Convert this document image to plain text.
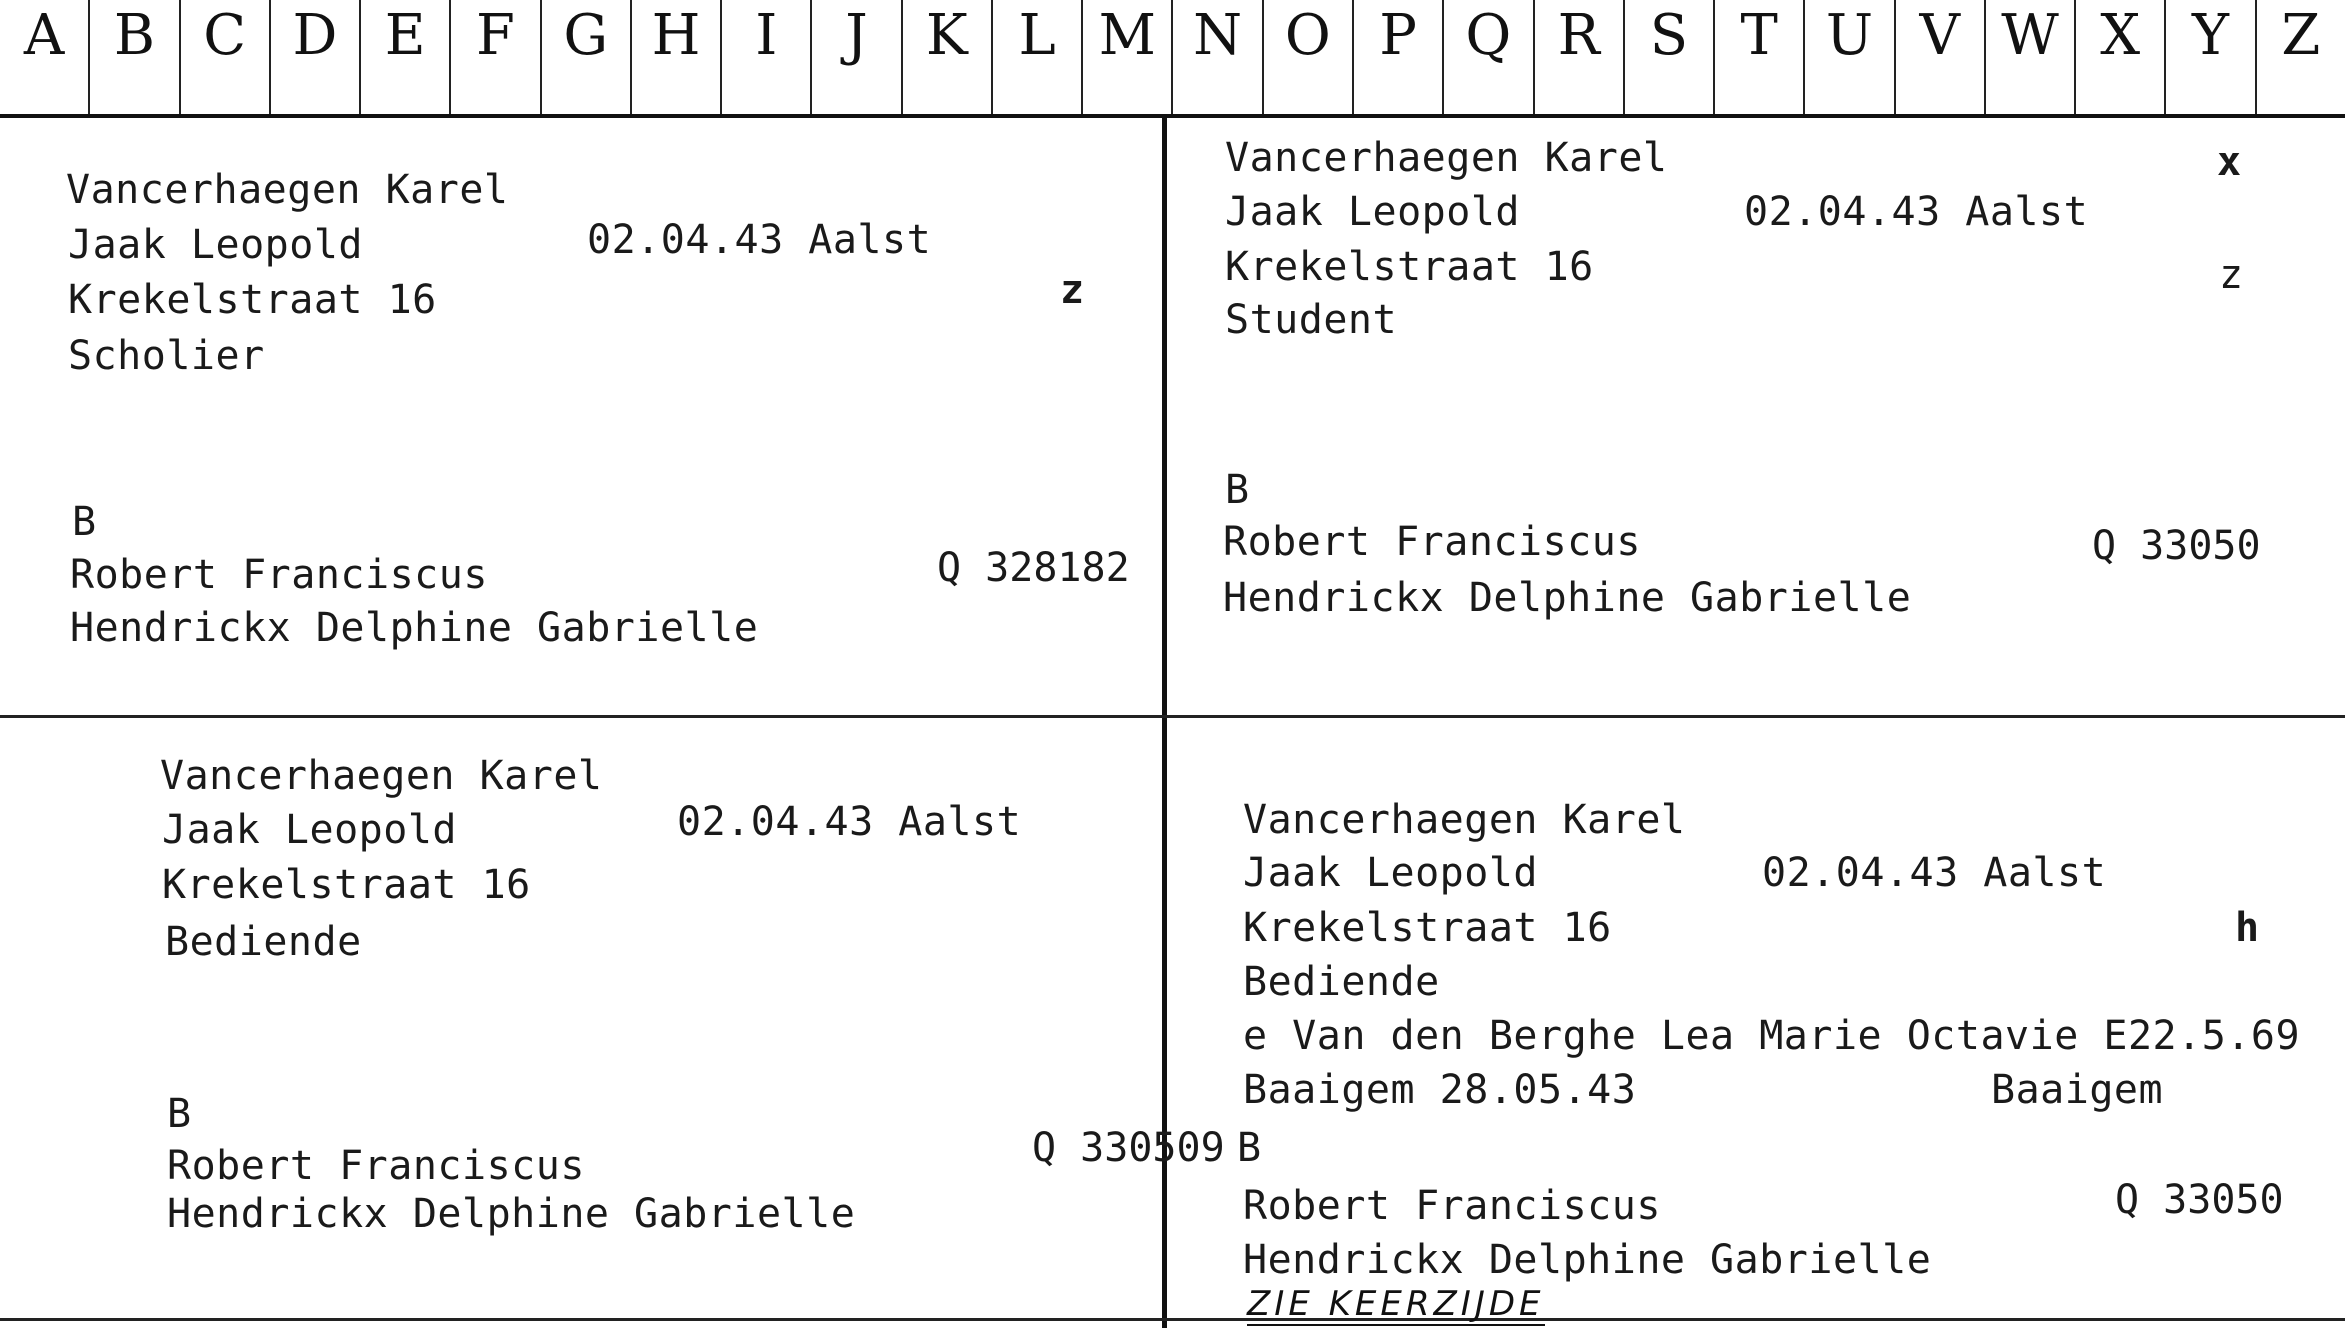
A B C D E F G H I	J	K L M N O P Q R S T U V W X Y Z
Vancerhaegen Karel
Jaak Leopold	02.04.43 Aalst
Krekelstraat 16	z
Scholier
B
Robert Franciscus	Q 328182
Hendrickx Delphine Gabrielle
Vancerhaegen Karel	x
Jaak Leopold	02.04.43 Aalst
Krekelstraat 16	z
Student
B
Robert Franciscus	Q 33050
Hendrickx Delphine Gabrielle
Vancerhaegen Karel
Jaak Leopold	02.04.43 Aalst
Krekelstraat 16
Bediende
B
Robert Franciscus	Q 330509
Hendrickx Delphine Gabrielle
Vancerhaegen Karel
Jaak Leopold	02.04.43 Aalst
Krekelstraat 16	h
Bediende
e Van den Berghe Lea Marie Octavie E22.5.69
Baaigem 28.05.43	Baaigem
B
Robert Franciscus	Q 33050
Hendrickx Delphine Gabrielle
ZIE KEERZIJDE
